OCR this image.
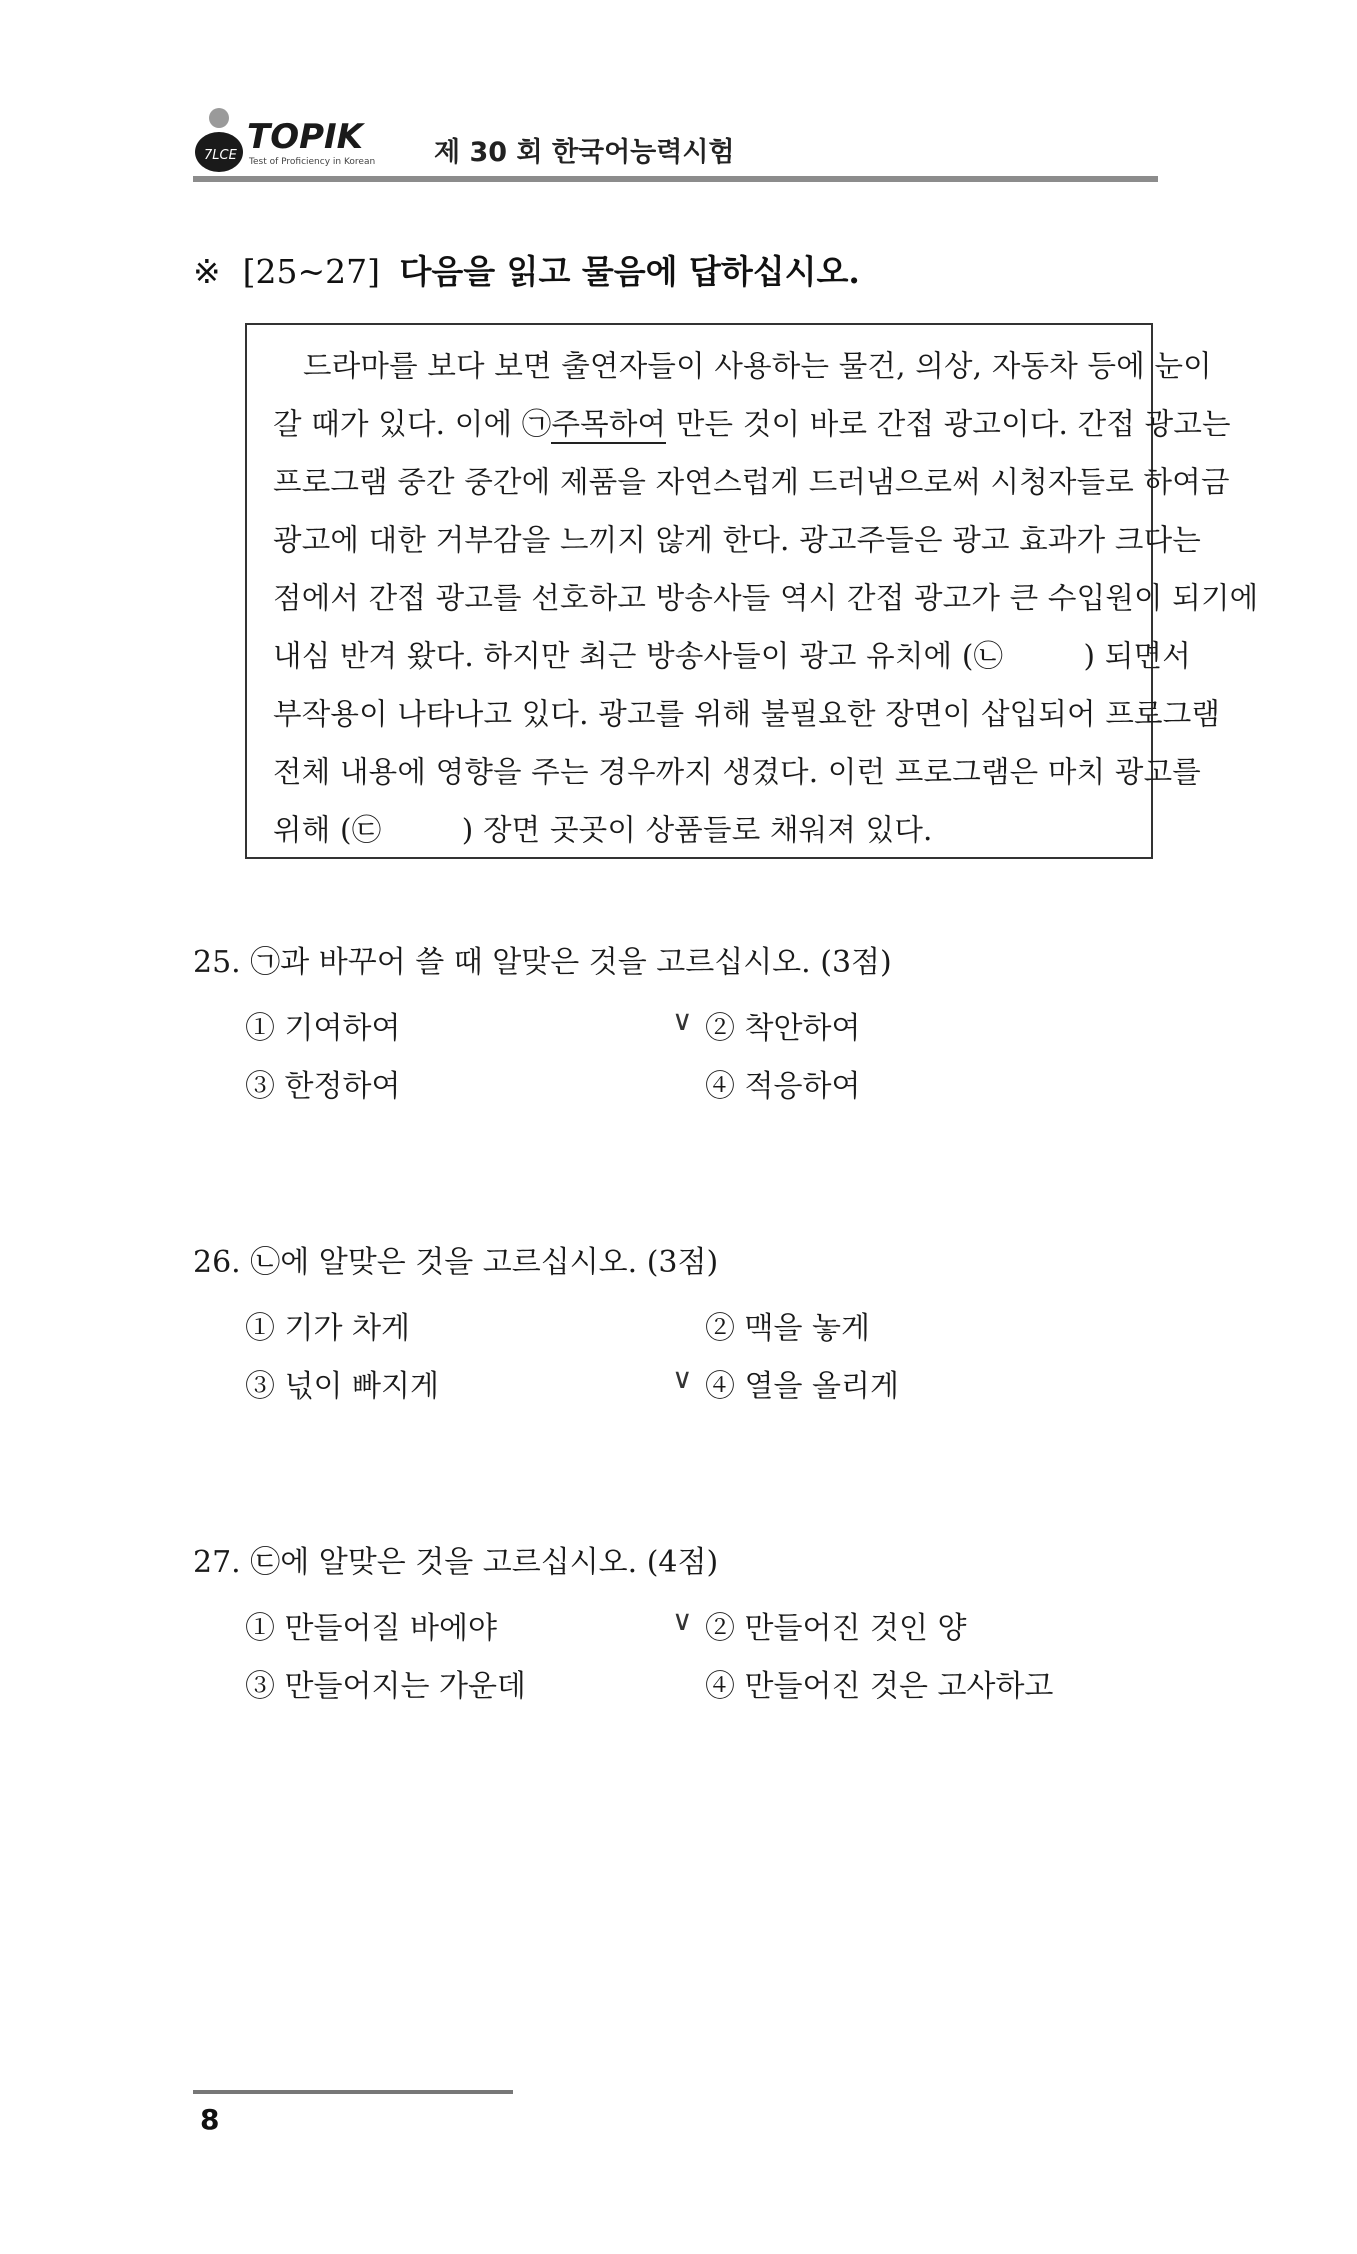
7LCE TOPIK
Test of Proficiency in Korean 제 30 회 한국어능력시험
※ [25~27] 다음을 읽고 물음에 답하십시오.
드라마를 보다 보면 출연자들이 사용하는 물건, 의상, 자동차 등에 눈이
갈 때가 있다. 이에 ㉠주목하여 만든 것이 바로 간접 광고이다. 간접 광고는
프로그램 중간 중간에 제품을 자연스럽게 드러냄으로써 시청자들로 하여금
광고에 대한 거부감을 느끼지 않게 한다. 광고주들은 광고 효과가 크다는
점에서 간접 광고를 선호하고 방송사들 역시 간접 광고가 큰 수입원이 되기에
내심 반겨 왔다. 하지만 최근 방송사들이 광고 유치에 (㉡	) 되면서
부작용이 나타나고 있다. 광고를 위해 불필요한 장면이 삽입되어 프로그램
전체 내용에 영향을 주는 경우까지 생겼다. 이런 프로그램은 마치 광고를
위해 (㉢	) 장면 곳곳이 상품들로 채워져 있다.
25. ㉠과 바꾸어 쓸 때 알맞은 것을 고르십시오. (3점)
① 기여하여	∨ ② 착안하여
③ 한정하여	④ 적응하여
26. ㉡에 알맞은 것을 고르십시오. (3점)
① 기가 차게	② 맥을 놓게
③ 넋이 빠지게	∨ ④ 열을 올리게
27. ㉢에 알맞은 것을 고르십시오. (4점)
① 만들어질 바에야	∨ ② 만들어진 것인 양
③ 만들어지는 가운데	④ 만들어진 것은 고사하고
8
